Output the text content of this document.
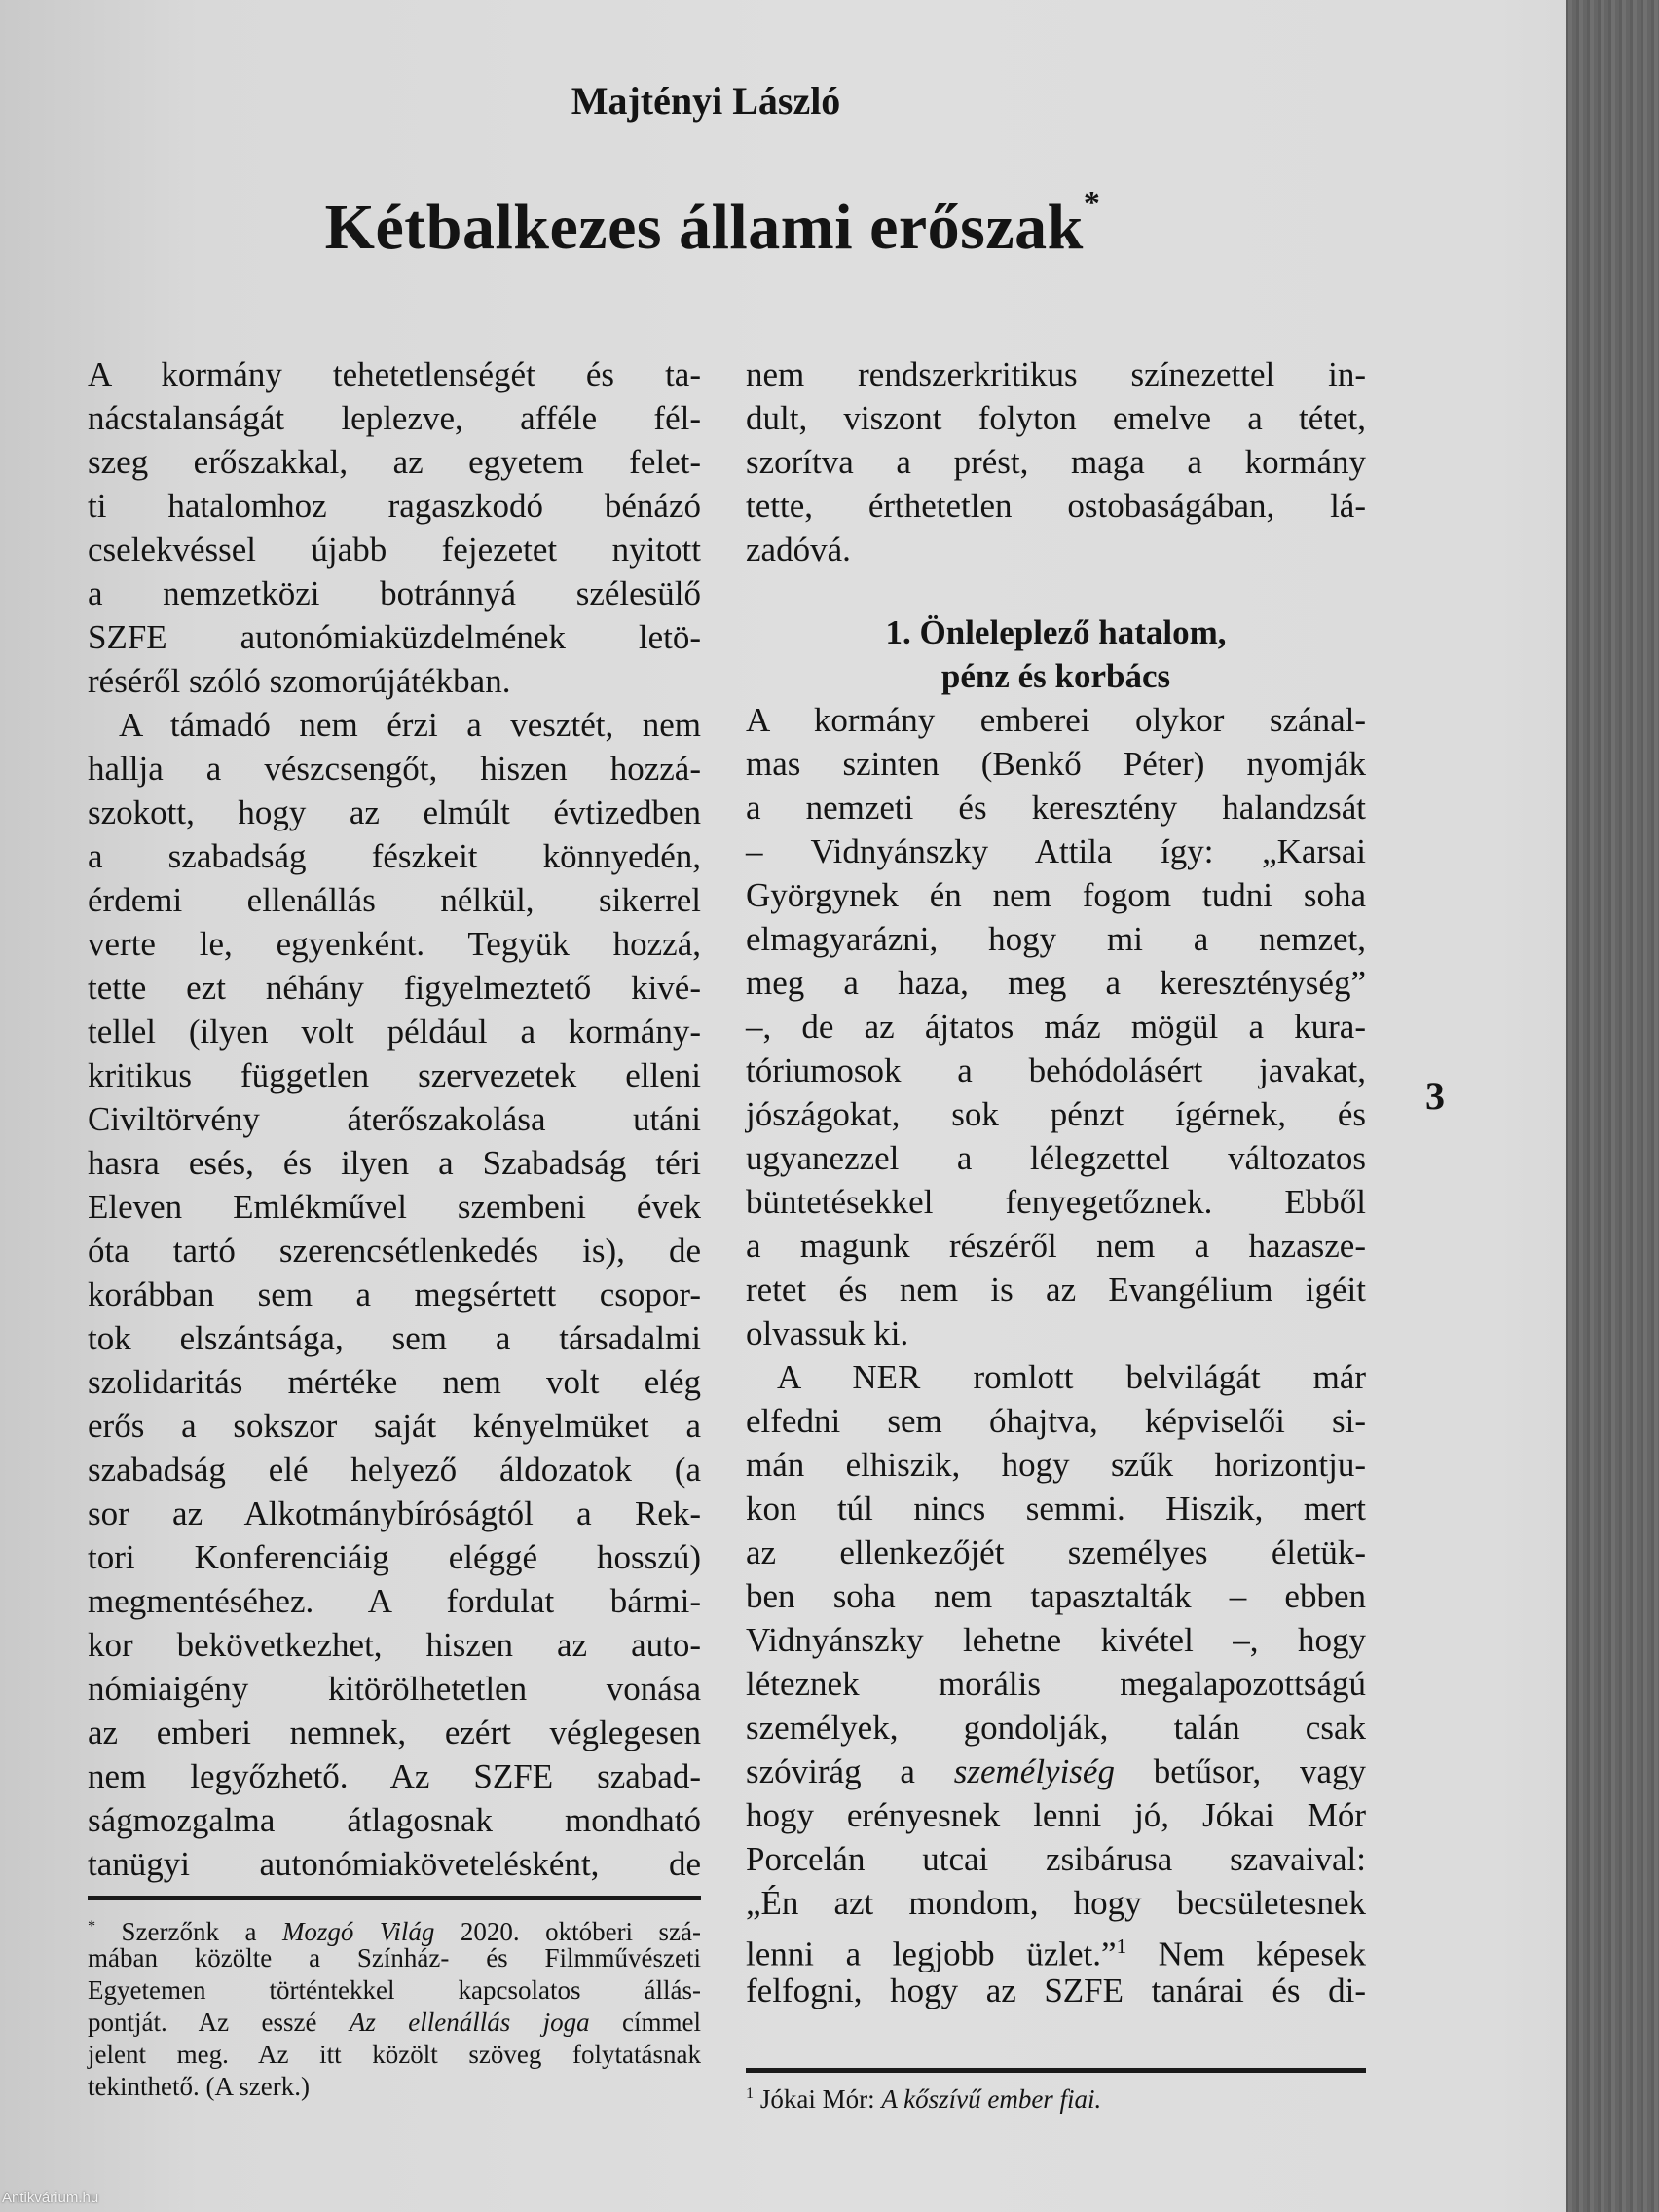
Majtényi László
Kétbalkezes állami erőszak*
A kormány tehetetlenségét és ta-
nácstalanságát leplezve, afféle fél-
szeg erőszakkal, az egyetem felet-
ti hatalomhoz ragaszkodó bénázó
cselekvéssel újabb fejezetet nyitott
a nemzetközi botránnyá szélesülő
SZFE autonómiaküzdelmének letö-
réséről szóló szomorújátékban.
A támadó nem érzi a vesztét, nem
hallja a vészcsengőt, hiszen hozzá-
szokott, hogy az elmúlt évtizedben
a szabadság fészkeit könnyedén,
érdemi ellenállás nélkül, sikerrel
verte le, egyenként. Tegyük hozzá,
tette ezt néhány figyelmeztető kivé-
tellel (ilyen volt például a kormány-
kritikus független szervezetek elleni
Civiltörvény áterőszakolása utáni
hasra esés, és ilyen a Szabadság téri
Eleven Emlékművel szembeni évek
óta tartó szerencsétlenkedés is), de
korábban sem a megsértett csopor-
tok elszántsága, sem a társadalmi
szolidaritás mértéke nem volt elég
erős a sokszor saját kényelmüket a
szabadság elé helyező áldozatok (a
sor az Alkotmánybíróságtól a Rek-
tori Konferenciáig eléggé hosszú)
megmentéséhez. A fordulat bármi-
kor bekövetkezhet, hiszen az auto-
nómiaigény kitörölhetetlen vonása
az emberi nemnek, ezért véglegesen
nem legyőzhető. Az SZFE szabad-
ságmozgalma átlagosnak mondható
tanügyi autonómiakövetelésként, de
nem rendszerkritikus színezettel in-
dult, viszont folyton emelve a tétet,
szorítva a prést, maga a kormány
tette, érthetetlen ostobaságában, lá-
zadóvá.
1. Önleleplező hatalom,
pénz és korbács
A kormány emberei olykor szánal-
mas szinten (Benkő Péter) nyomják
a nemzeti és keresztény halandzsát
– Vidnyánszky Attila így: „Karsai
Györgynek én nem fogom tudni soha
elmagyarázni, hogy mi a nemzet,
meg a haza, meg a kereszténység”
–, de az ájtatos máz mögül a kura-
tóriumosok a behódolásért javakat,
jószágokat, sok pénzt ígérnek, és
ugyanezzel a lélegzettel változatos
büntetésekkel fenyegetőznek. Ebből
a magunk részéről nem a hazasze-
retet és nem is az Evangélium igéit
olvassuk ki.
A NER romlott belvilágát már
elfedni sem óhajtva, képviselői si-
mán elhiszik, hogy szűk horizontju-
kon túl nincs semmi. Hiszik, mert
az ellenkezőjét személyes életük-
ben soha nem tapasztalták – ebben
Vidnyánszky lehetne kivétel –, hogy
léteznek morális megalapozottságú
személyek, gondolják, talán csak
szóvirág a személyiség betűsor, vagy
hogy erényesnek lenni jó, Jókai Mór
Porcelán utcai zsibárusa szavaival:
„Én azt mondom, hogy becsületesnek
lenni a legjobb üzlet.”$^1$ Nem képesek
felfogni, hogy az SZFE tanárai és di-
* Szerzőnk a Mozgó Világ 2020. októberi szá-
mában közölte a Színház- és Filmművészeti
Egyetemen történtekkel kapcsolatos állás-
pontját. Az esszé Az ellenállás joga címmel
jelent meg. Az itt közölt szöveg folytatásnak
tekinthető. (A szerk.)	$^1$ Jókai Mór: A kőszívű ember fiai.
3
Antikvárium.hu
